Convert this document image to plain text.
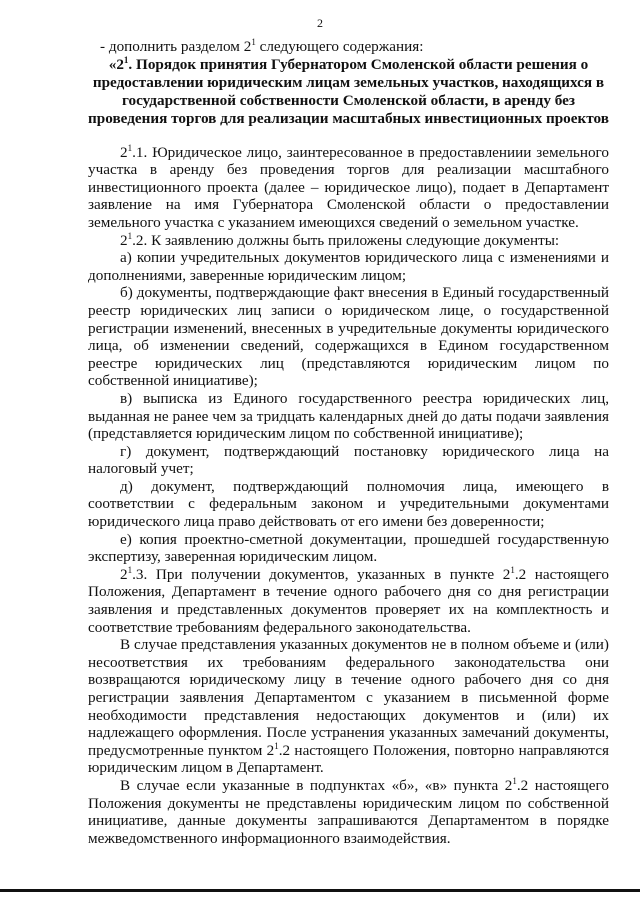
2

- дополнить разделом $2^1$ следующего содержания:

«$2^1$. Порядок принятия Губернатором Смоленской области решения о предоставлении юридическим лицам земельных участков, находящихся в государственной собственности Смоленской области, в аренду без проведения торгов для реализации масштабных инвестиционных проектов

$2^1.1$. Юридическое лицо, заинтересованное в предоставлениии земельного участка в аренду без проведения торгов для реализации масштабного инвестиционного проекта (далее – юридическое лицо), подает в Департамент заявление на имя Губернатора Смоленской области о предоставлении земельного участка с указанием имеющихся сведений о земельном участке.

$2^1.2$. К заявлению должны быть приложены следующие документы:

а) копии учредительных документов юридического лица с изменениями и дополнениями, заверенные юридическим лицом;

б) документы, подтверждающие факт внесения в Единый государственный реестр юридических лиц записи о юридическом лице, о государственной регистрации изменений, внесенных в учредительные документы юридического лица, об изменении сведений, содержащихся в Едином государственном реестре юридических лиц (представляются юридическим лицом по собственной инициативе);

в) выписка из Единого государственного реестра юридических лиц, выданная не ранее чем за тридцать календарных дней до даты подачи заявления (представляется юридическим лицом по собственной инициативе);

г) документ, подтверждающий постановку юридического лица на налоговый учет;

д) документ, подтверждающий полномочия лица, имеющего в соответствии с федеральным законом и учредительными документами юридического лица право действовать от его имени без доверенности;

е) копия проектно-сметной документации, прошедшей государственную экспертизу, заверенная юридическим лицом.

$2^1.3$. При получении документов, указанных в пункте $2^1.2$ настоящего Положения, Департамент в течение одного рабочего дня со дня регистрации заявления и представленных документов проверяет их на комплектность и соответствие требованиям федерального законодательства.

В случае представления указанных документов не в полном объеме и (или) несоответствия их требованиям федерального законодательства они возвращаются юридическому лицу в течение одного рабочего дня со дня регистрации заявления Департаментом с указанием в письменной форме необходимости представления недостающих документов и (или) их надлежащего оформления. После устранения указанных замечаний документы, предусмотренные пунктом $2^1.2$ настоящего Положения, повторно направляются юридическим лицом в Департамент.

В случае если указанные в подпунктах «б», «в» пункта $2^1.2$ настоящего Положения документы не представлены юридическим лицом по собственной инициативе, данные документы запрашиваются Департаментом в порядке межведомственного информационного взаимодействия.
